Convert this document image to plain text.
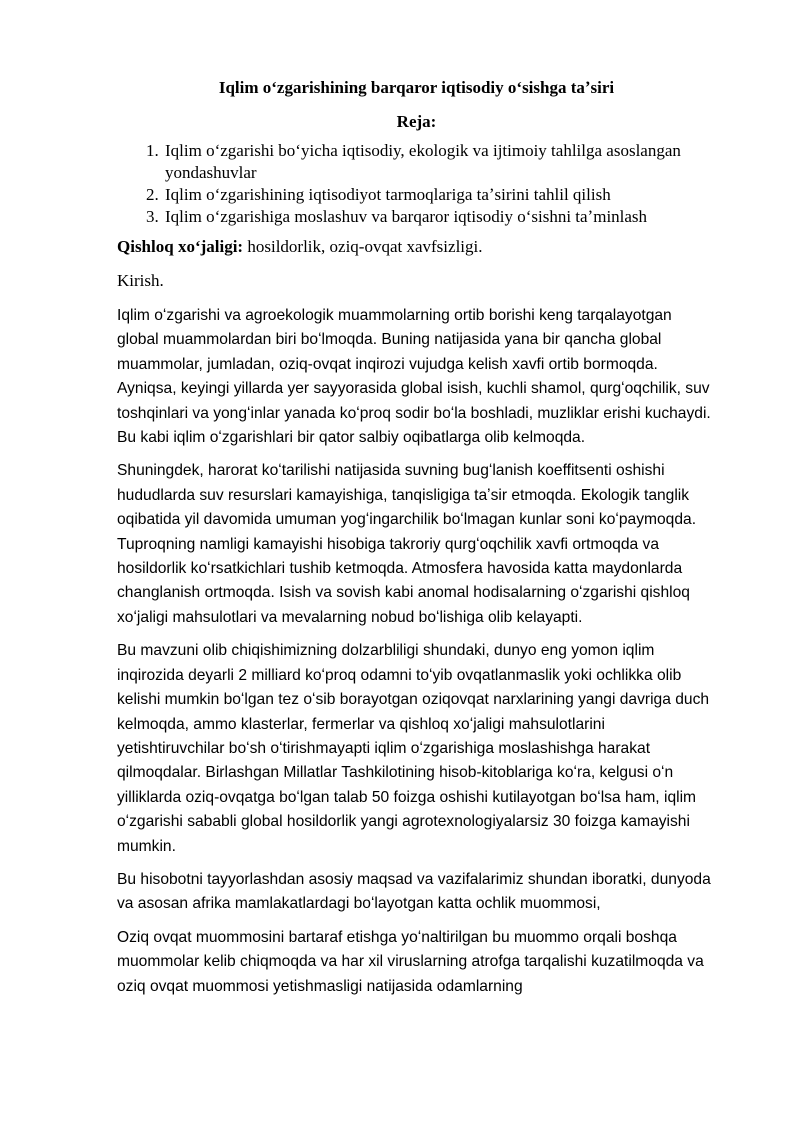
Iqlim oʻzgarishining barqaror iqtisodiy oʻsishga taʼsiri
Reja:
1. Iqlim oʻzgarishi boʻyicha iqtisodiy, ekologik va ijtimoiy tahlilga asoslangan yondashuvlar
2. Iqlim oʻzgarishining iqtisodiyot tarmoqlariga taʼsirini tahlil qilish
3. Iqlim oʻzgarishiga moslashuv va barqaror iqtisodiy oʻsishni taʼminlash
Qishloq xoʻjaligi: hosildorlik, oziq-ovqat xavfsizligi.
Kirish.

Iqlim oʻzgarishi va agroekologik muammolarning ortib borishi keng tarqalayotgan global muammolardan biri boʻlmoqda. Buning natijasida yana bir qancha global muammolar, jumladan, oziq-ovqat inqirozi vujudga kelish xavfi ortib bormoqda. Ayniqsa, keyingi yillarda yer sayyorasida global isish, kuchli shamol, qurgʻoqchilik, suv toshqinlari va yongʻinlar yanada koʻproq sodir boʻla boshladi, muzliklar erishi kuchaydi. Bu kabi iqlim oʻzgarishlari bir qator salbiy oqibatlarga olib kelmoqda.

Shuningdek, harorat koʻtarilishi natijasida suvning bugʻlanish koeffitsenti oshishi hududlarda suv resurslari kamayishiga, tanqisligiga taʼsir etmoqda. Ekologik tanglik oqibatida yil davomida umuman yogʻingarchilik boʻlmagan kunlar soni koʻpaymoqda. Tuproqning namligi kamayishi hisobiga takroriy qurgʻoqchilik xavfi ortmoqda va hosildorlik koʻrsatkichlari tushib ketmoqda. Atmosfera havosida katta maydonlarda changlanish ortmoqda. Isish va sovish kabi anomal hodisalarning oʻzgarishi qishloq xoʻjaligi mahsulotlari va mevalarning nobud boʻlishiga olib kelayapti.

Bu mavzuni olib chiqishimizning dolzarbliligi shundaki, dunyo eng yomon iqlim inqirozida deyarli 2 milliard koʻproq odamni toʻyib ovqatlanmaslik yoki ochlikka olib kelishi mumkin boʻlgan tez oʻsib borayotgan oziqovqat narxlarining yangi davriga duch kelmoqda, ammo klasterlar, fermerlar va qishloq xoʻjaligi mahsulotlarini yetishtiruvchilar boʻsh oʻtirishmayapti iqlim oʻzgarishiga moslashishga harakat qilmoqdalar. Birlashgan Millatlar Tashkilotining hisob-kitoblariga koʻra, kelgusi oʻn yilliklarda oziq-ovqatga boʻlgan talab 50 foizga oshishi kutilayotgan boʻlsa ham, iqlim oʻzgarishi sababli global hosildorlik yangi agrotexnologiyalarsiz 30 foizga kamayishi mumkin.

Bu hisobotni tayyorlashdan asosiy maqsad va vazifalarimiz shundan iboratki, dunyoda va asosan afrika mamlakatlardagi boʻlayotgan katta ochlik muommosi,

Oziq ovqat muommosini bartaraf etishga yoʻnaltirilgan bu muommo orqali boshqa muommolar kelib chiqmoqda va har xil viruslarning atrofga tarqalishi kuzatilmoqda va oziq ovqat muommosi yetishmasligi natijasida odamlarning
